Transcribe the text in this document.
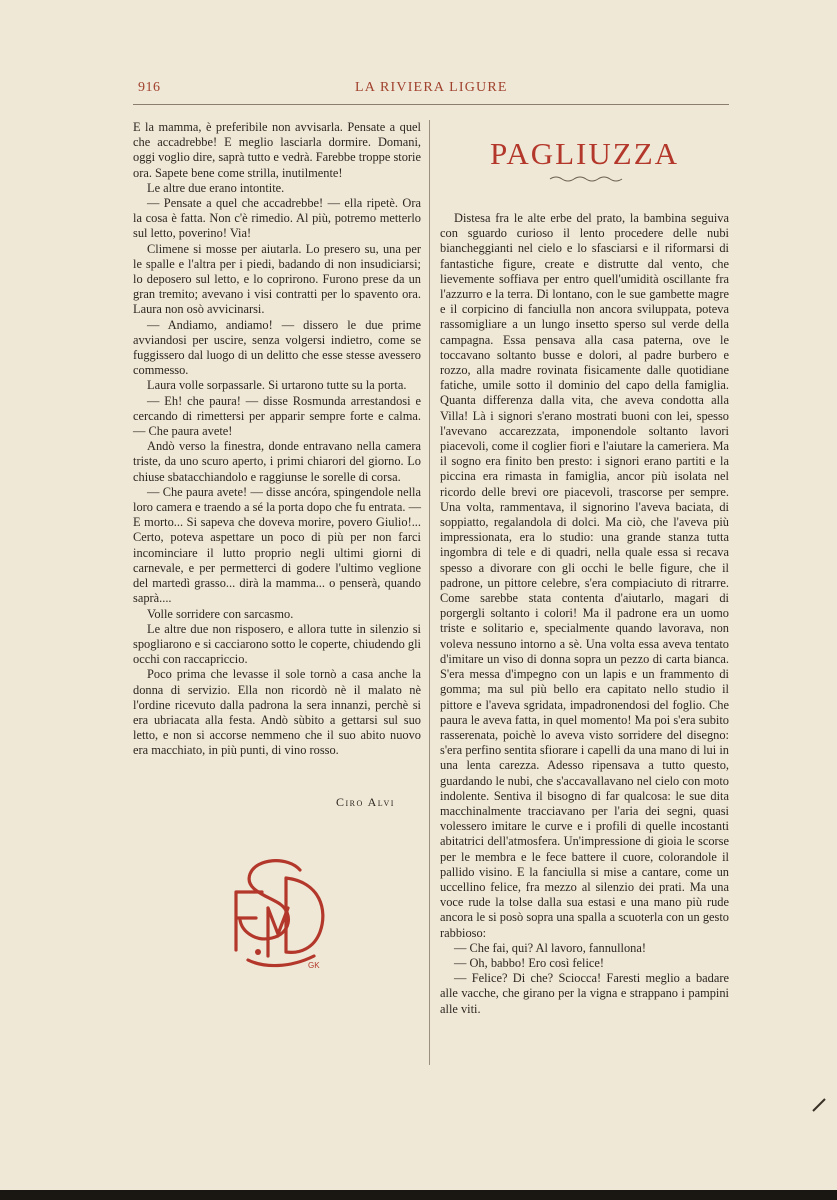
916	LA RIVIERA LIGURE

E la mamma, è preferibile non avvisarla. Pensate a quel che accadrebbe! E meglio lasciarla dormire. Domani, oggi voglio dire, saprà tutto e vedrà. Farebbe troppe storie ora. Sapete bene come strilla, inutilmente!

Le altre due erano intontite.

— Pensate a quel che accadrebbe! — ella ripetè. Ora la cosa è fatta. Non c'è rimedio. Al più, potremo metterlo sul letto, poverino! Via!

Climene si mosse per aiutarla. Lo presero su, una per le spalle e l'altra per i piedi, badando di non insudiciarsi; lo deposero sul letto, e lo coprirono. Furono prese da un gran tremito; avevano i visi contratti per lo spavento ora. Laura non osò avvicinarsi.

— Andiamo, andiamo! — dissero le due prime avviandosi per uscire, senza volgersi indietro, come se fuggissero dal luogo di un delitto che esse stesse avessero commesso.

Laura volle sorpassarle. Si urtarono tutte su la porta.

— Eh! che paura! — disse Rosmunda arrestandosi e cercando di rimettersi per apparir sempre forte e calma. — Che paura avete!

Andò verso la finestra, donde entravano nella camera triste, da uno scuro aperto, i primi chiarori del giorno. Lo chiuse sbatacchiandolo e raggiunse le sorelle di corsa.

— Che paura avete! — disse ancóra, spingendole nella loro camera e traendo a sé la porta dopo che fu entrata. — E morto... Si sapeva che doveva morire, povero Giulio!... Certo, poteva aspettare un poco di più per non farci incominciare il lutto proprio negli ultimi giorni di carnevale, e per permetterci di godere l'ultimo veglione del martedì grasso... dirà la mamma... o penserà, quando saprà....

Volle sorridere con sarcasmo.

Le altre due non risposero, e allora tutte in silenzio si spogliarono e si cacciarono sotto le coperte, chiudendo gli occhi con raccapriccio.

Poco prima che levasse il sole tornò a casa anche la donna di servizio. Ella non ricordò nè il malato nè l'ordine ricevuto dalla padrona la sera innanzi, perchè si era ubriacata alla festa. Andò sùbito a gettarsi sul suo letto, e non si accorse nemmeno che il suo abito nuovo era macchiato, in più punti, di vino rosso.

Ciro Alvi
PAGLIUZZA

Distesa fra le alte erbe del prato, la bambina seguiva con sguardo curioso il lento procedere delle nubi biancheggianti nel cielo e lo sfasciarsi e il riformarsi di fantastiche figure, create e distrutte dal vento, che lievemente soffiava per entro quell'umidità oscillante fra l'azzurro e la terra. Di lontano, con le sue gambette magre e il corpicino di fanciulla non ancora sviluppata, poteva rassomigliare a un lungo insetto sperso sul verde della campagna. Essa pensava alla casa paterna, ove le toccavano soltanto busse e dolori, al padre burbero e rozzo, alla madre rovinata fisicamente dalle quotidiane fatiche, umile sotto il dominio del capo della famiglia. Quanta differenza dalla vita, che aveva condotta alla Villa! Là i signori s'erano mostrati buoni con lei, spesso l'avevano accarezzata, imponendole soltanto lavori piacevoli, come il coglier fiori e l'aiutare la cameriera. Ma il sogno era finito ben presto: i signori erano partiti e la piccina era rimasta in famiglia, ancor più isolata nel ricordo delle brevi ore piacevoli, trascorse per sempre. Una volta, rammentava, il signorino l'aveva baciata, di soppiatto, regalandola di dolci. Ma ciò, che l'aveva più impressionata, era lo studio: una grande stanza tutta ingombra di tele e di quadri, nella quale essa si recava spesso a divorare con gli occhi le belle figure, che il padrone, un pittore celebre, s'era compiaciuto di ritrarre. Come sarebbe stata contenta d'aiutarlo, magari di porgergli soltanto i colori! Ma il padrone era un uomo triste e solitario e, specialmente quando lavorava, non voleva nessuno intorno a sè. Una volta essa aveva tentato d'imitare un viso di donna sopra un pezzo di carta bianca. S'era messa d'impegno con un lapis e un frammento di gomma; ma sul più bello era capitato nello studio il pittore e l'aveva sgridata, impadronendosi del foglio. Che paura le aveva fatta, in quel momento! Ma poi s'era subito rasserenata, poichè lo aveva visto sorridere del disegno: s'era perfino sentita sfiorare i capelli da una mano di lui in una lenta carezza. Adesso ripensava a tutto questo, guardando le nubi, che s'accavallavano nel cielo con moto indolente. Sentiva il bisogno di far qualcosa: le sue dita macchinalmente tracciavano per l'aria dei segni, quasi volessero imitare le curve e i profili di quelle incostanti abitatrici dell'atmosfera. Un'impressione di gioia le scorse per le membra e le fece battere il cuore, colorandole il pallido visino. E la fanciulla si mise a cantare, come un uccellino felice, fra mezzo al silenzio dei prati. Ma una voce rude la tolse dalla sua estasi e una mano più rude ancora le si posò sopra una spalla a scuoterla con un gesto rabbioso:

— Che fai, qui? Al lavoro, fannullona!

— Oh, babbo! Ero così felice!

— Felice? Di che? Sciocca! Faresti meglio a badare alle vacche, che girano per la vigna e strappano i pampini alle viti.

GK
